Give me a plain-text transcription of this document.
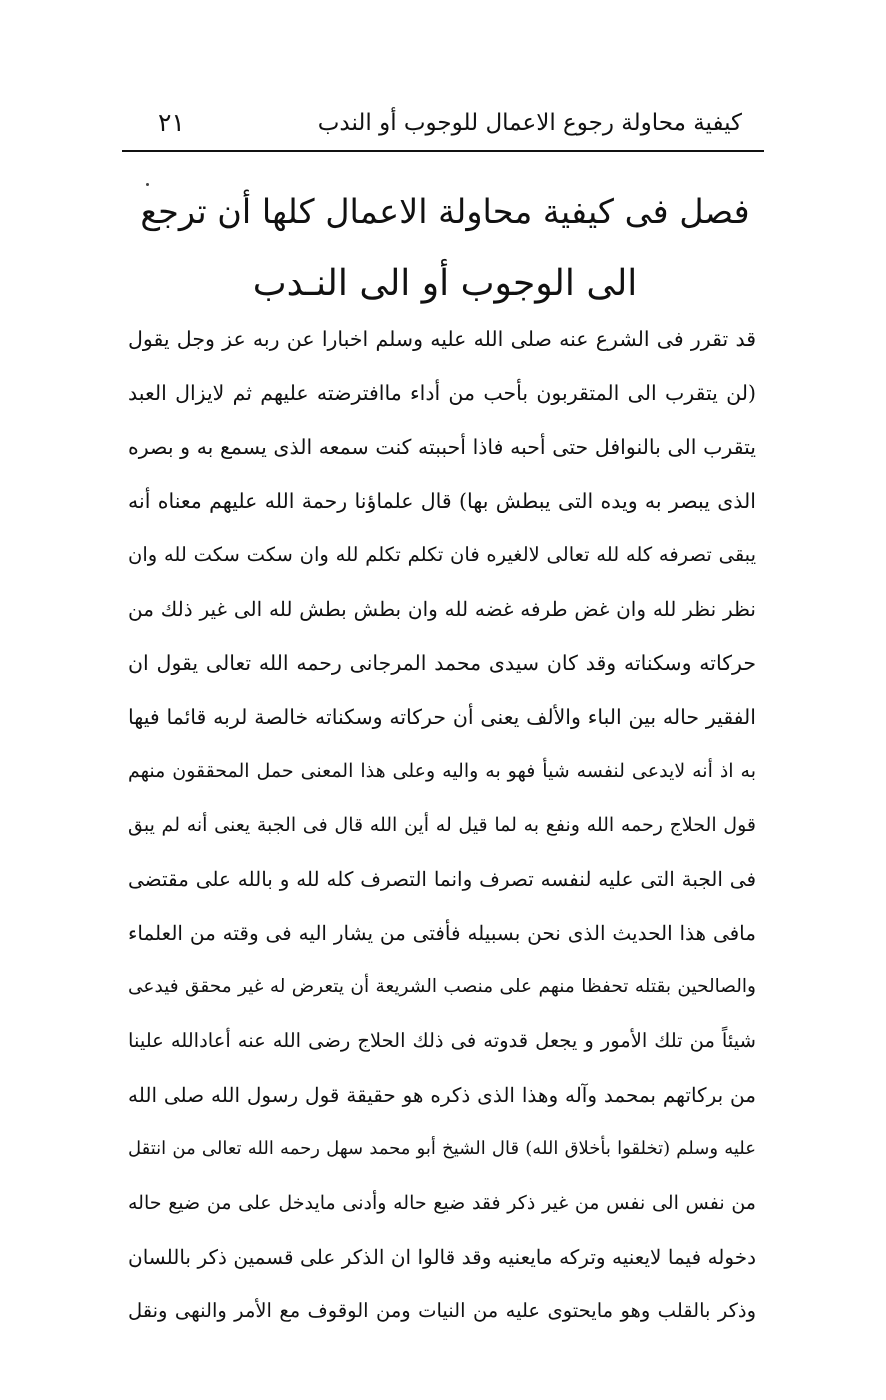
كيفية محاولة رجوع الاعمال للوجوب أو الندب
٢١
فصل فى كيفية محاولة الاعمال كلها أن ترجع
الى الوجوب أو الى النـدب
قد تقرر فى الشرع عنه صلى الله عليه وسلم اخبارا عن ربه عز وجل يقول
(لن يتقرب الى المتقربون بأحب من أداء ماافترضته عليهم ثم لايزال العبد
يتقرب الى بالنوافل حتى أحبه فاذا أحببته كنت سمعه الذى يسمع به و بصره
الذى يبصر به ويده التى يبطش بها) قال علماؤنا رحمة الله عليهم معناه أنه
يبقى تصرفه كله لله تعالى لالغيره فان تكلم تكلم لله وان سكت سكت لله وان
نظر نظر لله وان غض طرفه غضه لله وان بطش بطش لله الى غير ذلك من
حركاته وسكناته وقد كان سيدى محمد المرجانى رحمه الله تعالى يقول ان
الفقير حاله بين الباء والألف يعنى أن حركاته وسكناته خالصة لربه قائما فيها
به اذ أنه لايدعى لنفسه شيأ فهو به واليه وعلى هذا المعنى حمل المحققون منهم
قول الحلاج رحمه الله ونفع به لما قيل له أين الله قال فى الجبة يعنى أنه لم يبق
فى الجبة التى عليه لنفسه تصرف وانما التصرف كله لله و بالله على مقتضى
مافى هذا الحديث الذى نحن بسبيله فأفتى من يشار اليه فى وقته من العلماء
والصالحين بقتله تحفظا منهم على منصب الشريعة أن يتعرض له غير محقق فيدعى
شيئاً من تلك الأمور و يجعل قدوته فى ذلك الحلاج رضى الله عنه أعادالله علينا
من بركاتهم بمحمد وآله وهذا الذى ذكره هو حقيقة قول رسول الله صلى الله
عليه وسلم (تخلقوا بأخلاق الله) قال الشيخ أبو محمد سهل رحمه الله تعالى من انتقل
من نفس الى نفس من غير ذكر فقد ضيع حاله وأدنى مايدخل على من ضيع حاله
دخوله فيما لايعنيه وتركه مايعنيه وقد قالوا ان الذكر على قسمين ذكر باللسان
وذكر بالقلب وهو مايحتوى عليه من النيات ومن الوقوف مع الأمر والنهى ونقل
